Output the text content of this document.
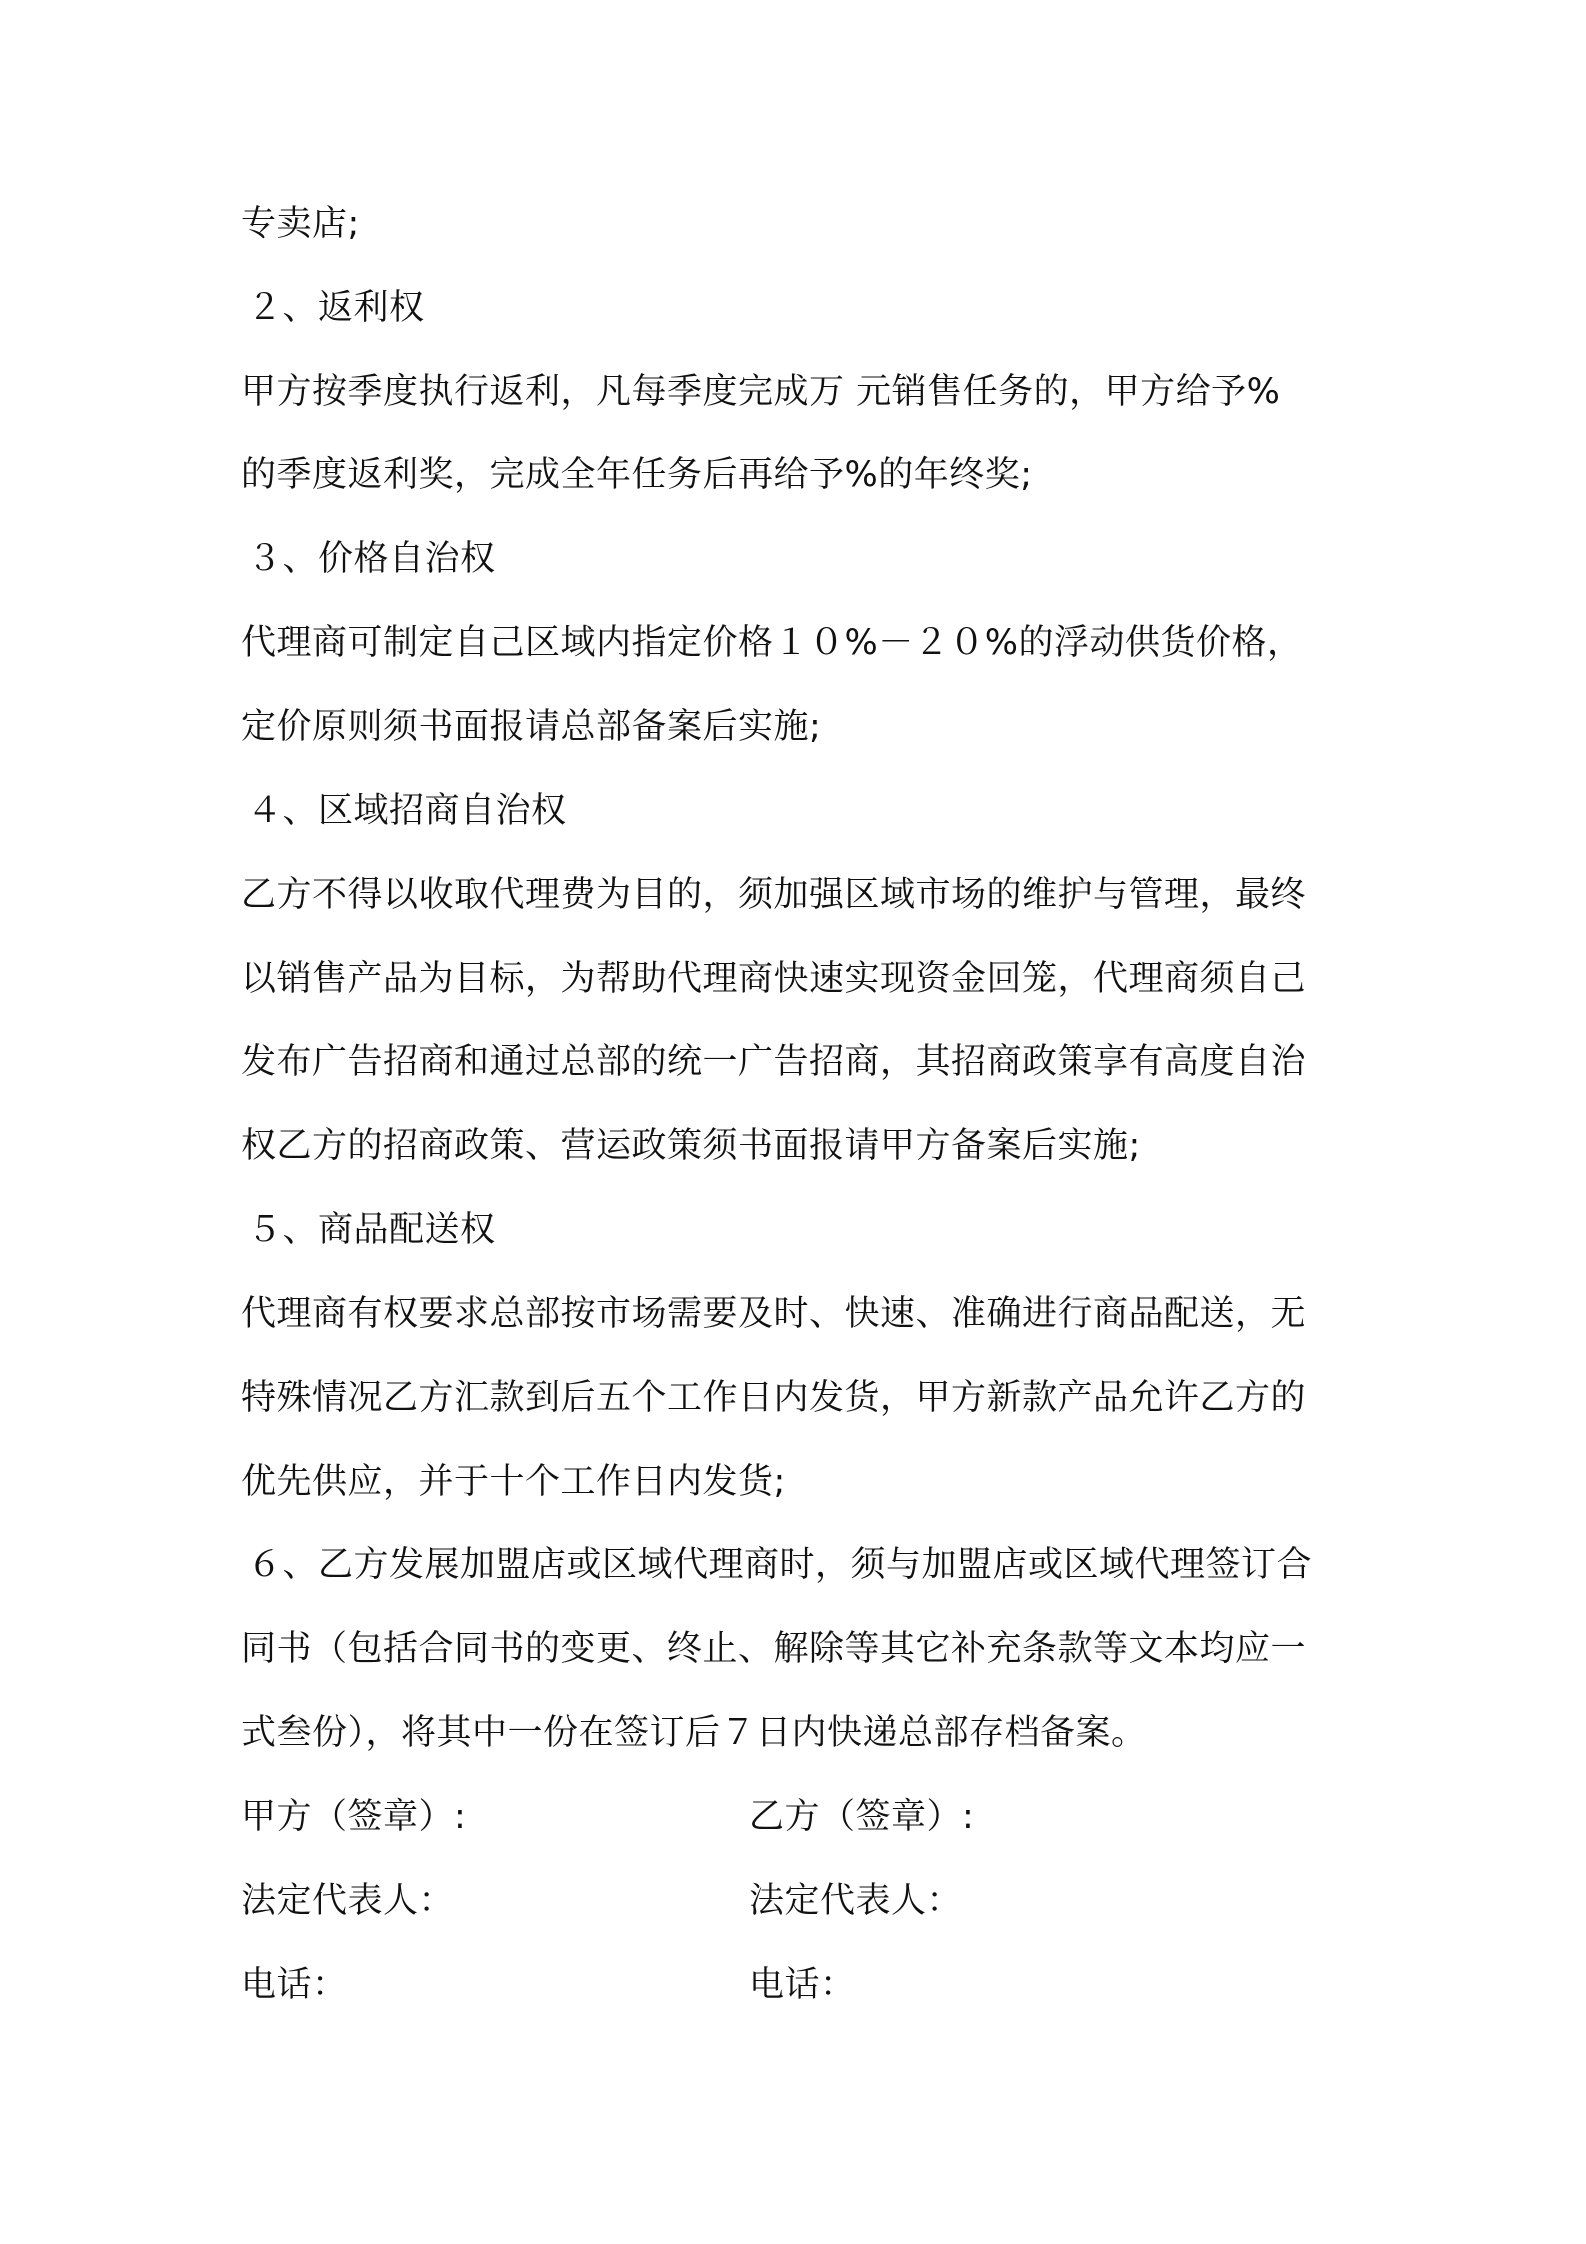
专卖店;
２、返利权
甲方按季度执行返利，凡每季度完成万 元销售任务的，甲方给予%
的季度返利奖，完成全年任务后再给予%的年终奖;
３、价格自治权
代理商可制定自己区域内指定价格１０%－２０%的浮动供货价格，
定价原则须书面报请总部备案后实施;
４、区域招商自治权
乙方不得以收取代理费为目的，须加强区域市场的维护与管理，最终
以销售产品为目标，为帮助代理商快速实现资金回笼，代理商须自己
发布广告招商和通过总部的统一广告招商，其招商政策享有高度自治
权乙方的招商政策、营运政策须书面报请甲方备案后实施;
５、商品配送权
代理商有权要求总部按市场需要及时、快速、准确进行商品配送，无
特殊情况乙方汇款到后五个工作日内发货，甲方新款产品允许乙方的
优先供应，并于十个工作日内发货;
６、乙方发展加盟店或区域代理商时，须与加盟店或区域代理签订合
同书（包括合同书的变更、终止、解除等其它补充条款等文本均应一
式叁份），将其中一份在签订后７日内快递总部存档备案。
甲方（签章）:	乙方（签章）:
法定代表人：	法定代表人：
电话：	电话：
